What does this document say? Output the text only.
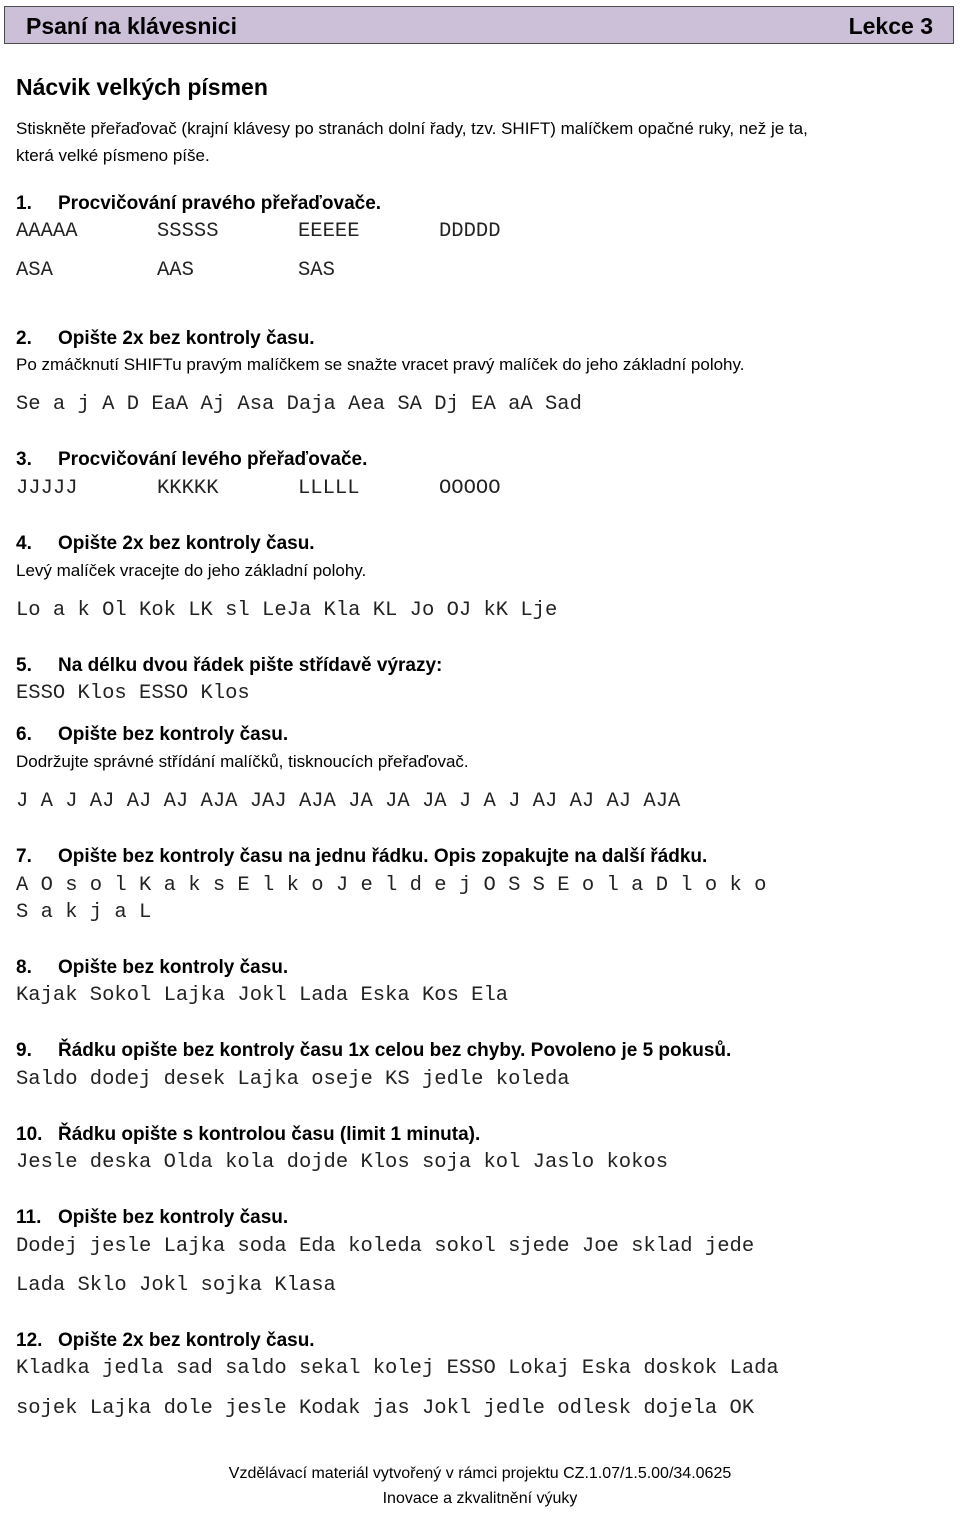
Psaní na klávesnici	Lekce 3
Nácvik velkých písmen
Stiskněte přeřaďovač (krajní klávesy po stranách dolní řady, tzv. SHIFT) malíčkem opačné ruky, než je ta,
která velké písmeno píše.
1. Procvičování pravého přeřaďovače.
AAAAA	SSSSS	EEEEE	DDDDD
ASA	AAS	SAS
2. Opište 2x bez kontroly času.
Po zmáčknutí SHIFTu pravým malíčkem se snažte vracet pravý malíček do jeho základní polohy.
Se a j A D EaA Aj Asa Daja Aea SA Dj EA aA Sad
3. Procvičování levého přeřaďovače.
JJJJJ	KKKKK	LLLLL	OOOOO
4. Opište 2x bez kontroly času.
Levý malíček vracejte do jeho základní polohy.
Lo a k Ol Kok LK sl LeJa Kla KL Jo OJ kK Lje
5. Na délku dvou řádek pište střídavě výrazy:
ESSO Klos ESSO Klos
6. Opište bez kontroly času.
Dodržujte správné střídání malíčků, tisknoucích přeřaďovač.
J A J AJ AJ AJ AJA JAJ AJA JA JA JA J A J AJ AJ AJ AJA
7. Opište bez kontroly času na jednu řádku. Opis zopakujte na další řádku.
A O s o l K a k s E l k o J e l d e j O S S E o l a D l o k o
S a k j a L
8. Opište bez kontroly času.
Kajak Sokol Lajka Jokl Lada Eska Kos Ela
9. Řádku opište bez kontroly času 1x celou bez chyby. Povoleno je 5 pokusů.
Saldo dodej desek Lajka oseje KS jedle koleda
10. Řádku opište s kontrolou času (limit 1 minuta).
Jesle deska Olda kola dojde Klos soja kol Jaslo kokos
11. Opište bez kontroly času.
Dodej jesle Lajka soda Eda koleda sokol sjede Joe sklad jede
Lada Sklo Jokl sojka Klasa
12. Opište 2x bez kontroly času.
Kladka jedla sad saldo sekal kolej ESSO Lokaj Eska doskok Lada
sojek Lajka dole jesle Kodak jas Jokl jedle odlesk dojela OK
Vzdělávací materiál vytvořený v rámci projektu CZ.1.07/1.5.00/34.0625
Inovace a zkvalitnění výuky
